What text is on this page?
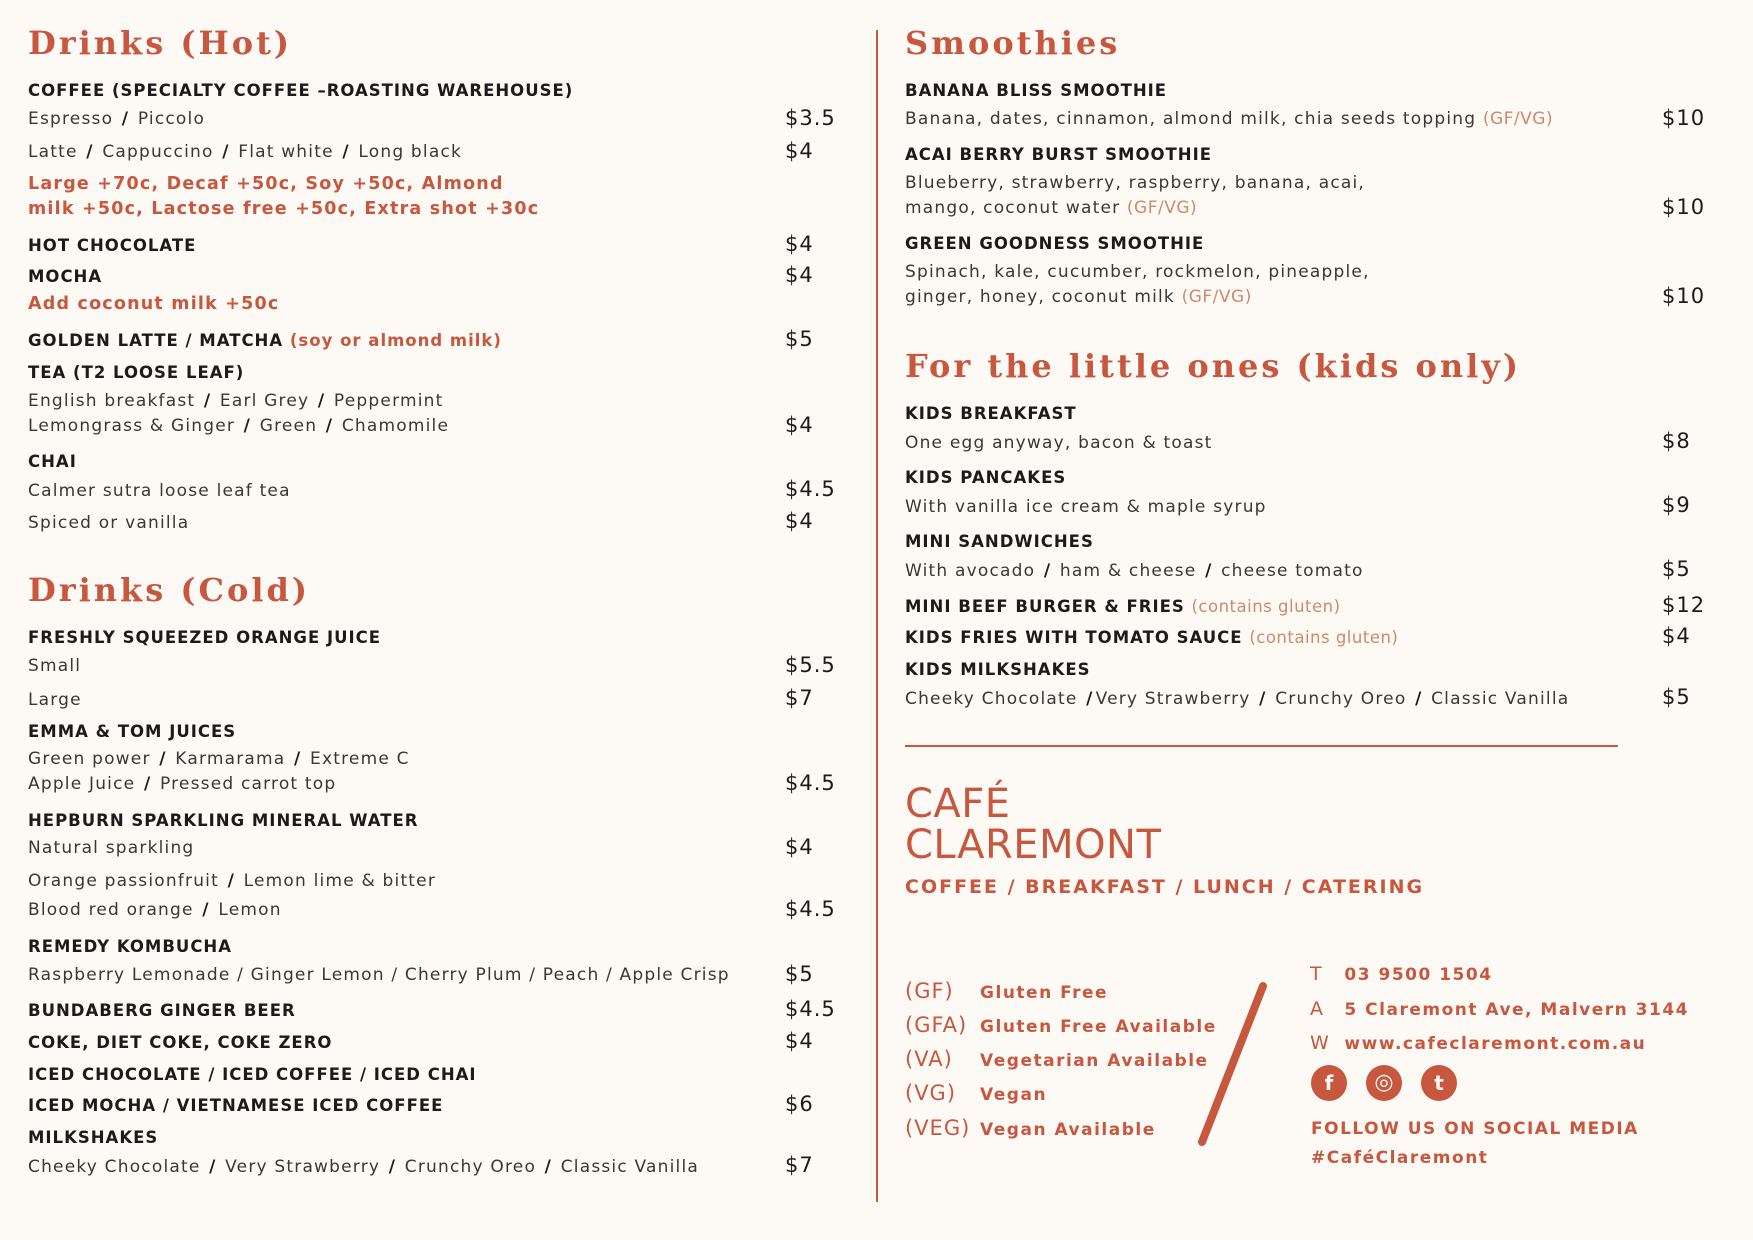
Drinks (Hot)
COFFEE (SPECIALTY COFFEE –ROASTING WAREHOUSE)
Espresso / Piccolo	$3.5
Latte / Cappuccino / Flat white / Long black	$4
Large +70c, Decaf +50c, Soy +50c, Almond
milk +50c, Lactose free +50c, Extra shot +30c
HOT CHOCOLATE	$4
MOCHA	$4
Add coconut milk +50c
GOLDEN LATTE / MATCHA (soy or almond milk)	$5
TEA (T2 LOOSE LEAF)
English breakfast / Earl Grey / Peppermint
Lemongrass & Ginger / Green / Chamomile	$4
CHAI
Calmer sutra loose leaf tea	$4.5
Spiced or vanilla	$4
Drinks (Cold)
FRESHLY SQUEEZED ORANGE JUICE
Small	$5.5
Large	$7
EMMA & TOM JUICES
Green power / Karmarama / Extreme C
Apple Juice / Pressed carrot top	$4.5
HEPBURN SPARKLING MINERAL WATER
Natural sparkling	$4
Orange passionfruit / Lemon lime & bitter
Blood red orange / Lemon	$4.5
REMEDY KOMBUCHA
Raspberry Lemonade / Ginger Lemon / Cherry Plum / Peach / Apple Crisp	$5
BUNDABERG GINGER BEER	$4.5
COKE, DIET COKE, COKE ZERO	$4
ICED CHOCOLATE / ICED COFFEE / ICED CHAI
ICED MOCHA / VIETNAMESE ICED COFFEE	$6
MILKSHAKES
Cheeky Chocolate / Very Strawberry / Crunchy Oreo / Classic Vanilla	$7
Smoothies
BANANA BLISS SMOOTHIE
Banana, dates, cinnamon, almond milk, chia seeds topping (GF/VG)	$10
ACAI BERRY BURST SMOOTHIE
Blueberry, strawberry, raspberry, banana, acai,
mango, coconut water (GF/VG)	$10
GREEN GOODNESS SMOOTHIE
Spinach, kale, cucumber, rockmelon, pineapple,
ginger, honey, coconut milk (GF/VG)	$10
For the little ones (kids only)
KIDS BREAKFAST
One egg anyway, bacon & toast	$8
KIDS PANCAKES
With vanilla ice cream & maple syrup	$9
MINI SANDWICHES
With avocado / ham & cheese / cheese tomato	$5
MINI BEEF BURGER & FRIES (contains gluten)	$12
KIDS FRIES WITH TOMATO SAUCE (contains gluten)	$4
KIDS MILKSHAKES
Cheeky Chocolate / Very Strawberry / Crunchy Oreo / Classic Vanilla	$5
CAFÉ
CLAREMONT
COFFEE / BREAKFAST / LUNCH / CATERING
(GF) Gluten Free
(GFA) Gluten Free Available
(VA) Vegetarian Available
(VG) Vegan
(VEG) Vegan Available
T 03 9500 1504
A 5 Claremont Ave, Malvern 3144
W www.cafeclaremont.com.au
f	◎	t
FOLLOW US ON SOCIAL MEDIA
#CaféClaremont
